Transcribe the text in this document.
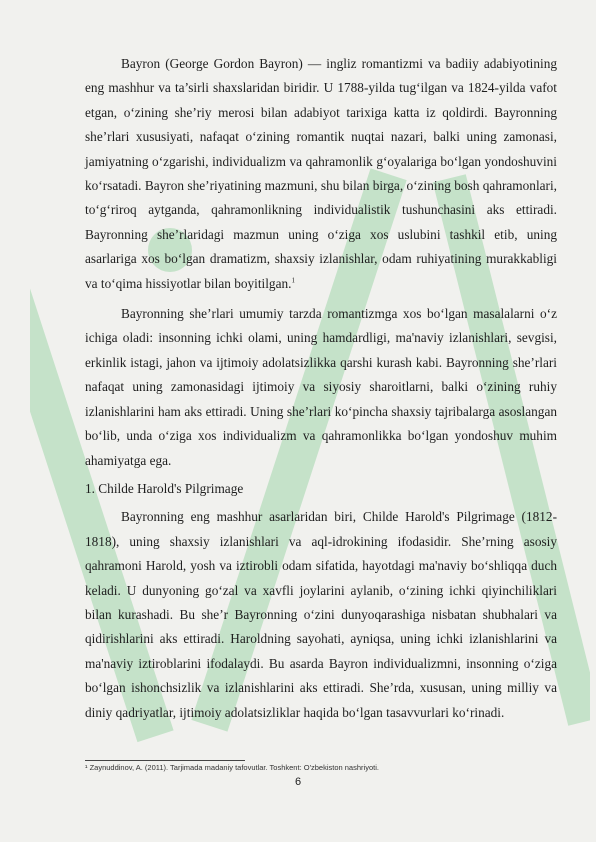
Bayron (George Gordon Bayron) — ingliz romantizmi va badiiy adabiyotining eng mashhur va ta’sirli shaxslaridan biridir. U 1788-yilda tug‘ilgan va 1824-yilda vafot etgan, o‘zining she’riy merosi bilan adabiyot tarixiga katta iz qoldirdi. Bayronning she’rlari xususiyati, nafaqat o‘zining romantik nuqtai nazari, balki uning zamonasi, jamiyatning o‘zgarishi, individualizm va qahramonlik g‘oyalariga bo‘lgan yondoshuvini ko‘rsatadi. Bayron she’riyatining mazmuni, shu bilan birga, o‘zining bosh qahramonlari, to‘g‘riroq aytganda, qahramonlikning individualistik tushunchasini aks ettiradi. Bayronning she’rlaridagi mazmun uning o‘ziga xos uslubini tashkil etib, uning asarlariga xos bo‘lgan dramatizm, shaxsiy izlanishlar, odam ruhiyatining murakkabligi va to‘qima hissiyotlar bilan boyitilgan.$^1$

Bayronning she’rlari umumiy tarzda romantizmga xos bo‘lgan masalalarni o‘z ichiga oladi: insonning ichki olami, uning hamdardligi, ma'naviy izlanishlari, sevgisi, erkinlik istagi, jahon va ijtimoiy adolatsizlikka qarshi kurash kabi. Bayronning she’rlari nafaqat uning zamonasidagi ijtimoiy va siyosiy sharoitlarni, balki o‘zining ruhiy izlanishlarini ham aks ettiradi. Uning she’rlari ko‘pincha shaxsiy tajribalarga asoslangan bo‘lib, unda o‘ziga xos individualizm va qahramonlikka bo‘lgan yondoshuv muhim ahamiyatga ega.

1. Childe Harold's Pilgrimage

Bayronning eng mashhur asarlaridan biri, Childe Harold's Pilgrimage (1812-1818), uning shaxsiy izlanishlari va aql-idrokining ifodasidir. She’rning asosiy qahramoni Harold, yosh va iztirobli odam sifatida, hayotdagi ma'naviy bo‘shliqqa duch keladi. U dunyoning go‘zal va xavfli joylarini aylanib, o‘zining ichki qiyinchiliklari bilan kurashadi. Bu she’r Bayronning o‘zini dunyoqarashiga nisbatan shubhalari va qidirishlarini aks ettiradi. Haroldning sayohati, ayniqsa, uning ichki izlanishlarini va ma'naviy iztiroblarini ifodalaydi. Bu asarda Bayron individualizmni, insonning o‘ziga bo‘lgan ishonchsizlik va izlanishlarini aks ettiradi. She’rda, xususan, uning milliy va diniy qadriyatlar, ijtimoiy adolatsizliklar haqida bo‘lgan tasavvurlari ko‘rinadi.

¹ Zaynuddinov, A. (2011). Tarjimada madaniy tafovutlar. Toshkent: O'zbekiston nashriyoti.
6
